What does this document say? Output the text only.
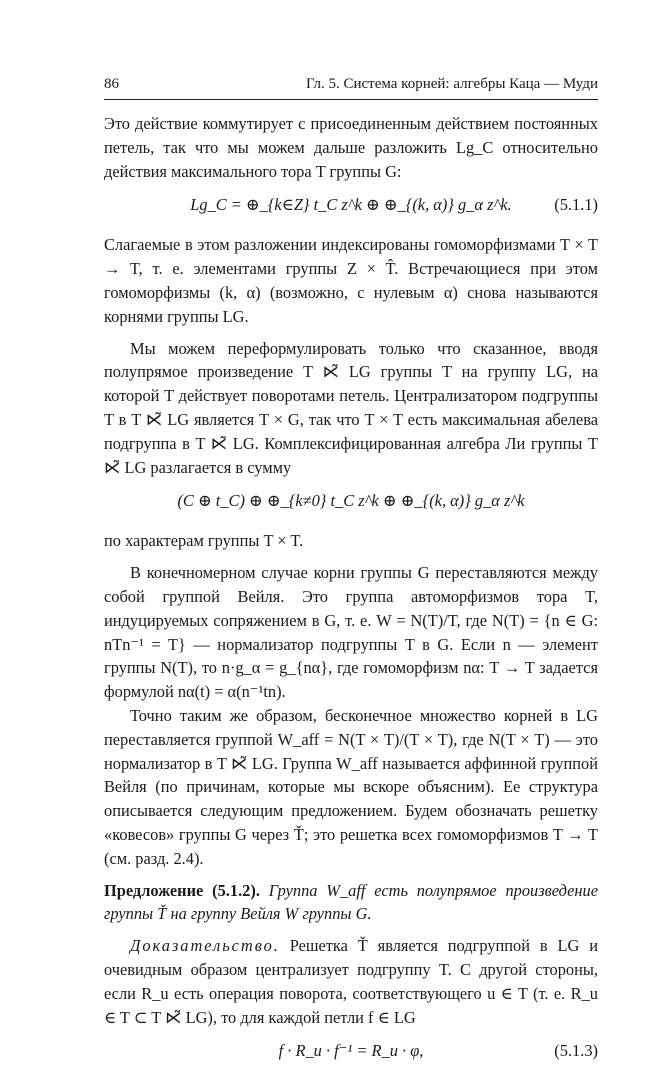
86	Гл. 5. Система корней: алгебры Каца — Муди

Это действие коммутирует с присоединенным действием постоянных петель, так что мы можем дальше разложить Lg_C относительно действия максимального тора T группы G:

Lg_C = ⊕_{k∈Z} t_C z^k ⊕ ⊕_{(k, α)} g_α z^k.	(5.1.1)

Слагаемые в этом разложении индексированы гомоморфизмами T × T → T, т. е. элементами группы Z × T̂. Встречающиеся при этом гомоморфизмы (k, α) (возможно, с нулевым α) снова называются корнями группы LG.

Мы можем переформулировать только что сказанное, вводя полупрямое произведение T ⋉̃ LG группы T на группу LG, на которой T действует поворотами петель. Централизатором подгруппы T в T ⋉̃ LG является T × G, так что T × T есть максимальная абелева подгруппа в T ⋉̃ LG. Комплексифицированная алгебра Ли группы T ⋉̃ LG разлагается в сумму

(C ⊕ t_C) ⊕ ⊕_{k≠0} t_C z^k ⊕ ⊕_{(k, α)} g_α z^k

по характерам группы T × T.

В конечномерном случае корни группы G переставляются между собой группой Вейля. Это группа автоморфизмов тора T, индуцируемых сопряжением в G, т. е. W = N(T)/T, где N(T) = {n ∈ G: nTn⁻¹ = T} — нормализатор подгруппы T в G. Если n — элемент группы N(T), то n·g_α = g_{nα}, где гомоморфизм nα: T → T задается формулой nα(t) = α(n⁻¹tn).

Точно таким же образом, бесконечное множество корней в LG переставляется группой W_aff = N(T × T)/(T × T), где N(T × T) — это нормализатор в T ⋉̃ LG. Группа W_aff называется аффинной группой Вейля (по причинам, которые мы вскоре объясним). Ее структура описывается следующим предложением. Будем обозначать решетку «ковесов» группы G через Ť; это решетка всех гомоморфизмов T → T (см. разд. 2.4).

Предложение (5.1.2). Группа W_aff есть полупрямое произведение группы Ť на группу Вейля W группы G.

Доказательство. Решетка Ť является подгруппой в LG и очевидным образом централизует подгруппу T. С другой стороны, если R_u есть операция поворота, соответствующего u ∈ T (т. е. R_u ∈ T ⊂ T ⋉̃ LG), то для каждой петли f ∈ LG

f · R_u · f⁻¹ = R_u · φ,	(5.1.3)
